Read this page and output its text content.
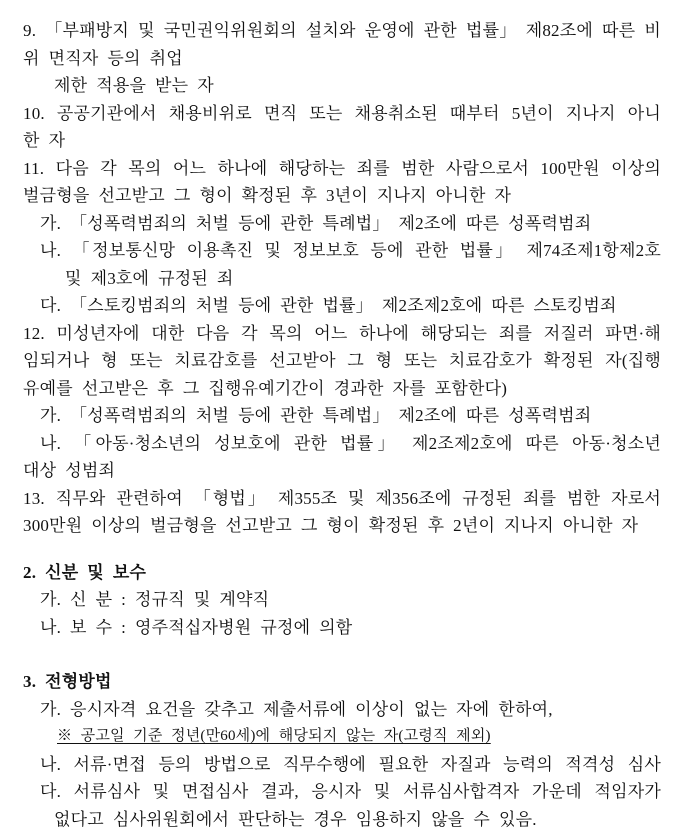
9. 「부패방지 및 국민권익위원회의 설치와 운영에 관한 법률」 제82조에 따른 비
위 면직자 등의 취업
제한 적용을 받는 자
10. 공공기관에서 채용비위로 면직 또는 채용취소된 때부터 5년이 지나지 아니
한 자
11. 다음 각 목의 어느 하나에 해당하는 죄를 범한 사람으로서 100만원 이상의
벌금형을 선고받고 그 형이 확정된 후 3년이 지나지 아니한 자
가. 「성폭력범죄의 처벌 등에 관한 특례법」 제2조에 따른 성폭력범죄
나. 「정보통신망 이용촉진 및 정보보호 등에 관한 법률」 제74조제1항제2호
및 제3호에 규정된 죄
다. 「스토킹범죄의 처벌 등에 관한 법률」 제2조제2호에 따른 스토킹범죄
12. 미성년자에 대한 다음 각 목의 어느 하나에 해당되는 죄를 저질러 파면·해
임되거나 형 또는 치료감호를 선고받아 그 형 또는 치료감호가 확정된 자(집행
유예를 선고받은 후 그 집행유예기간이 경과한 자를 포함한다)
가. 「성폭력범죄의 처벌 등에 관한 특례법」 제2조에 따른 성폭력범죄
나. 「아동·청소년의 성보호에 관한 법률」 제2조제2호에 따른 아동·청소년
대상 성범죄
13. 직무와 관련하여 「형법」 제355조 및 제356조에 규정된 죄를 범한 자로서
300만원 이상의 벌금형을 선고받고 그 형이 확정된 후 2년이 지나지 아니한 자
2. 신분 및 보수
가. 신 분 : 정규직 및 계약직
나. 보 수 : 영주적십자병원 규정에 의함
3. 전형방법
가. 응시자격 요건을 갖추고 제출서류에 이상이 없는 자에 한하여,
※ 공고일 기준 정년(만60세)에 해당되지 않는 자(고령직 제외)
나. 서류·면접 등의 방법으로 직무수행에 필요한 자질과 능력의 적격성 심사
다. 서류심사 및 면접심사 결과, 응시자 및 서류심사합격자 가운데 적임자가
없다고 심사위원회에서 판단하는 경우 임용하지 않을 수 있음.
